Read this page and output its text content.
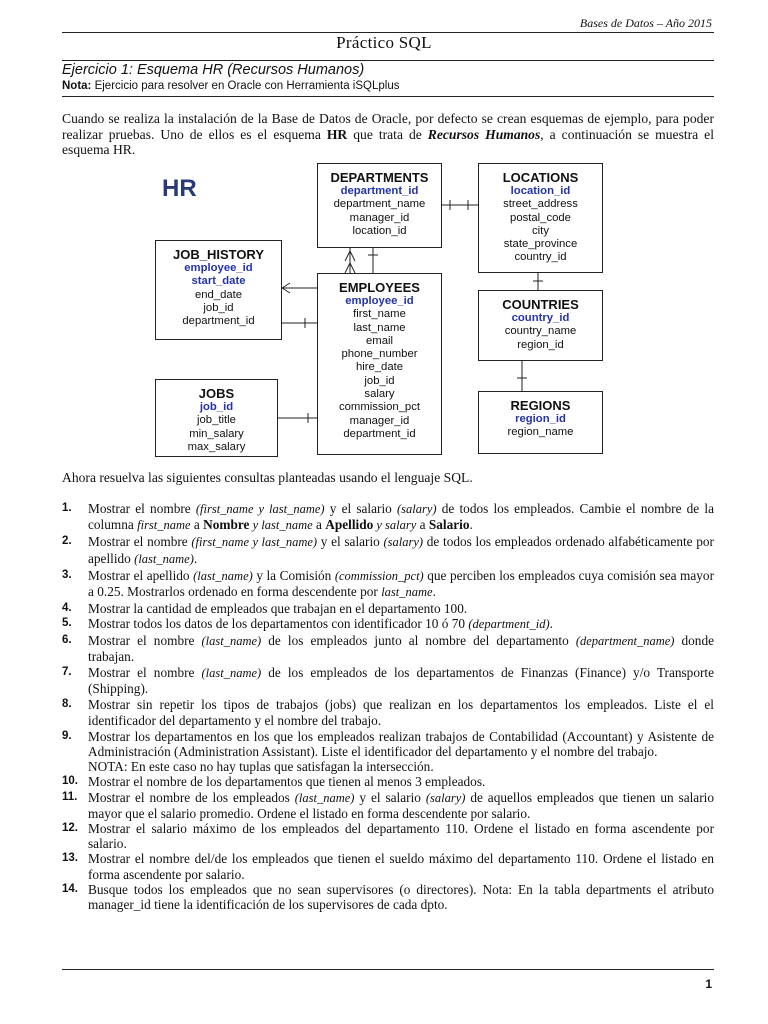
Bases de Datos – Año 2015
Práctico SQL
Ejercicio 1: Esquema HR (Recursos Humanos)
Nota: Ejercicio para resolver en Oracle con Herramienta iSQLplus
Cuando se realiza la instalación de la Base de Datos de Oracle, por defecto se crean esquemas de ejemplo, para poder realizar pruebas. Uno de ellos es el esquema HR que trata de Recursos Humanos, a continuación se muestra el esquema HR.
HR	DEPARTMENTS
department_id
department_name
manager_id
location_id
LOCATIONS
location_id
street_address
postal_code
city
state_province
country_id
JOB_HISTORY
employee_id
start_date
end_date
job_id
department_id
EMPLOYEES
employee_id
first_name
last_name
email
phone_number
hire_date
job_id
salary
commission_pct
manager_id
department_id
COUNTRIES
country_id
country_name
region_id
JOBS
job_id
job_title
min_salary
max_salary
REGIONS
region_id
region_name
Ahora resuelva las siguientes consultas planteadas usando el lenguaje SQL.
1. Mostrar el nombre (first_name y last_name) y el salario (salary) de todos los empleados. Cambie el nombre de la columna first_name a Nombre y last_name a Apellido y salary a Salario.
2. Mostrar el nombre (first_name y last_name) y el salario (salary) de todos los empleados ordenado alfabéticamente por apellido (last_name).
3. Mostrar el apellido (last_name) y la Comisión (commission_pct) que perciben los empleados cuya comisión sea mayor a 0.25. Mostrarlos ordenado en forma descendente por last_name.
4. Mostrar la cantidad de empleados que trabajan en el departamento 100.
5. Mostrar todos los datos de los departamentos con identificador 10 ó 70 (department_id).
6. Mostrar el nombre (last_name) de los empleados junto al nombre del departamento (department_name) donde trabajan.
7. Mostrar el nombre (last_name) de los empleados de los departamentos de Finanzas (Finance) y/o Transporte (Shipping).
8. Mostrar sin repetir los tipos de trabajos (jobs) que realizan en los departamentos los empleados. Liste el el identificador del departamento y el nombre del trabajo.
9. Mostrar los departamentos en los que los empleados realizan trabajos de Contabilidad (Accountant) y Asistente de Administración (Administration Assistant). Liste el identificador del departamento y el nombre del trabajo.
NOTA: En este caso no hay tuplas que satisfagan la intersección.
10. Mostrar el nombre de los departamentos que tienen al menos 3 empleados.
11. Mostrar el nombre de los empleados (last_name) y el salario (salary) de aquellos empleados que tienen un salario mayor que el salario promedio. Ordene el listado en forma descendente por salario.
12. Mostrar el salario máximo de los empleados del departamento 110. Ordene el listado en forma ascendente por salario.
13. Mostrar el nombre del/de los empleados que tienen el sueldo máximo del departamento 110. Ordene el listado en forma ascendente por salario.
14. Busque todos los empleados que no sean supervisores (o directores). Nota: En la tabla departments el atributo manager_id tiene la identificación de los supervisores de cada dpto.
1
